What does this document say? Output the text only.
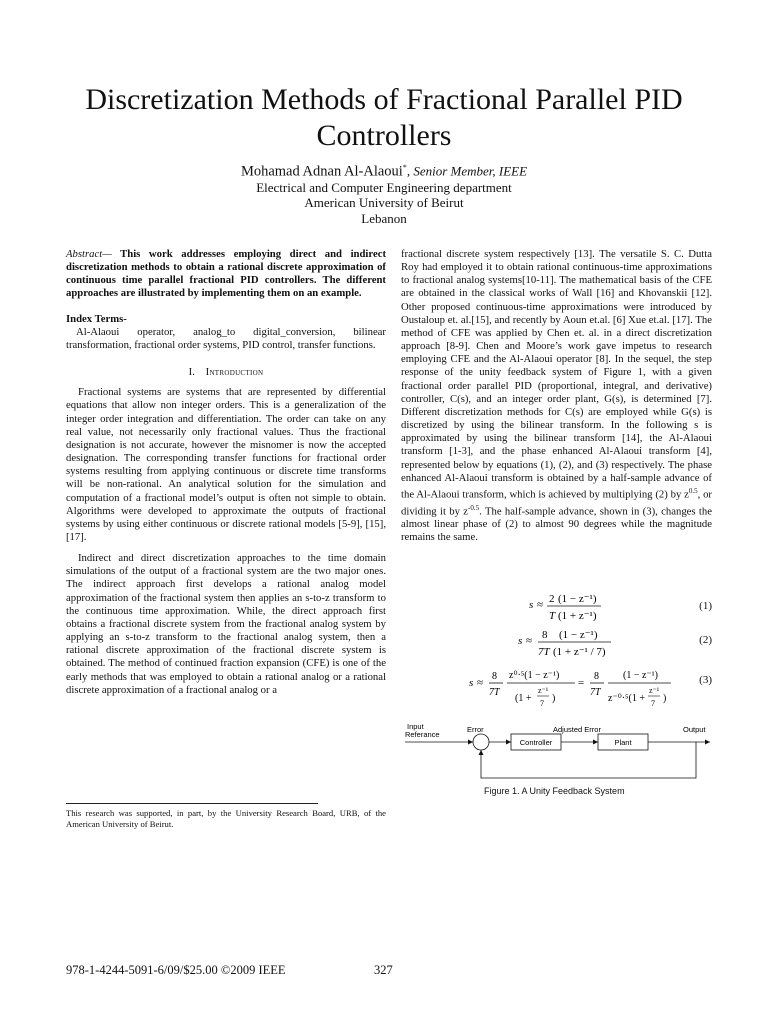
Discretization Methods of Fractional Parallel PID Controllers
Mohamad Adnan Al-Alaoui*, Senior Member, IEEE
Electrical and Computer Engineering department
American University of Beirut
Lebanon

Abstract— This work addresses employing direct and indirect discretization methods to obtain a rational discrete approximation of continuous time parallel fractional PID controllers. The different approaches are illustrated by implementing them on an example.

Index Terms-

Al-Alaoui operator, analog_to digital_conversion, bilinear transformation, fractional order systems, PID control, transfer functions.

I. Introduction

Fractional systems are systems that are represented by differential equations that allow non integer orders. This is a generalization of the integer order integration and differentiation. The order can take on any real value, not necessarily only fractional values. Thus the fractional designation is not accurate, however the misnomer is now the accepted designation. The corresponding transfer functions for fractional order systems resulting from applying continuous or discrete time transforms will be non-rational. An analytical solution for the simulation and computation of a fractional model’s output is often not simple to obtain. Algorithms were developed to approximate the outputs of fractional systems by using either continuous or discrete rational models [5-9], [15], [17].

Indirect and direct discretization approaches to the time domain simulations of the output of a fractional system are the two major ones. The indirect approach first develops a rational analog model approximation of the fractional system then applies an s-to-z transform to the continuous time approximation. While, the direct approach first obtains a fractional discrete system from the fractional analog system by applying an s-to-z transform to the fractional analog system, then a rational discrete approximation of the fractional discrete system is obtained. The method of continued fraction expansion (CFE) is one of the early methods that was employed to obtain a rational analog or a rational discrete approximation of a fractional analog or a

This research was supported, in part, by the University Research Board, URB, of the American University of Beirut.

fractional discrete system respectively [13]. The versatile S. C. Dutta Roy had employed it to obtain rational continuous-time approximations to fractional analog systems[10-11]. The mathematical basis of the CFE are obtained in the classical works of Wall [16] and Khovanskii [12]. Other proposed continuous-time approximations were introduced by Oustaloup et. al.[15], and recently by Aoun et.al. [6] Xue et.al. [17]. The method of CFE was applied by Chen et. al. in a direct discretization approach [8-9]. Chen and Moore’s work gave impetus to research employing CFE and the Al-Alaoui operator [8]. In the sequel, the step response of the unity feedback system of Figure 1, with a given fractional order parallel PID (proportional, integral, and derivative) controller, C(s), and an integer order plant, G(s), is determined [7]. Different discretization methods for C(s) are employed while G(s) is discretized by using the bilinear transform. In the following s is approximated by using the bilinear transform [14], the Al-Alaoui transform [1-3], and the phase enhanced Al-Alaoui transform [4], represented below by equations (1), (2), and (3) respectively. The phase enhanced Al-Alaoui transform is obtained by a half-sample advance of the Al-Alaoui transform, which is achieved by multiplying (2) by $z^{0.5}$, or dividing it by $z^{-0.5}$. The half-sample advance, shown in (3), changes the almost linear phase of (2) to almost 90 degrees while the magnitude remains the same.

s ≈ 2 (1 − z⁻¹)
T (1 + z⁻¹)
(1)
s ≈ 8 (1 − z⁻¹)
7T (1 + z⁻¹ / 7)
(2)
s ≈
8
7T
z⁰·⁵(1 − z⁻¹)
(1 +
z⁻¹
7 )
=
8
7T
(1 − z⁻¹)
z⁻⁰·⁵(1 +
z⁻¹
7 )
(3)
Input
Referance
Error
Controller
Adjusted Error
Plant
Output
Figure 1. A Unity Feedback System
978-1-4244-5091-6/09/$25.00 ©2009 IEEE	327
